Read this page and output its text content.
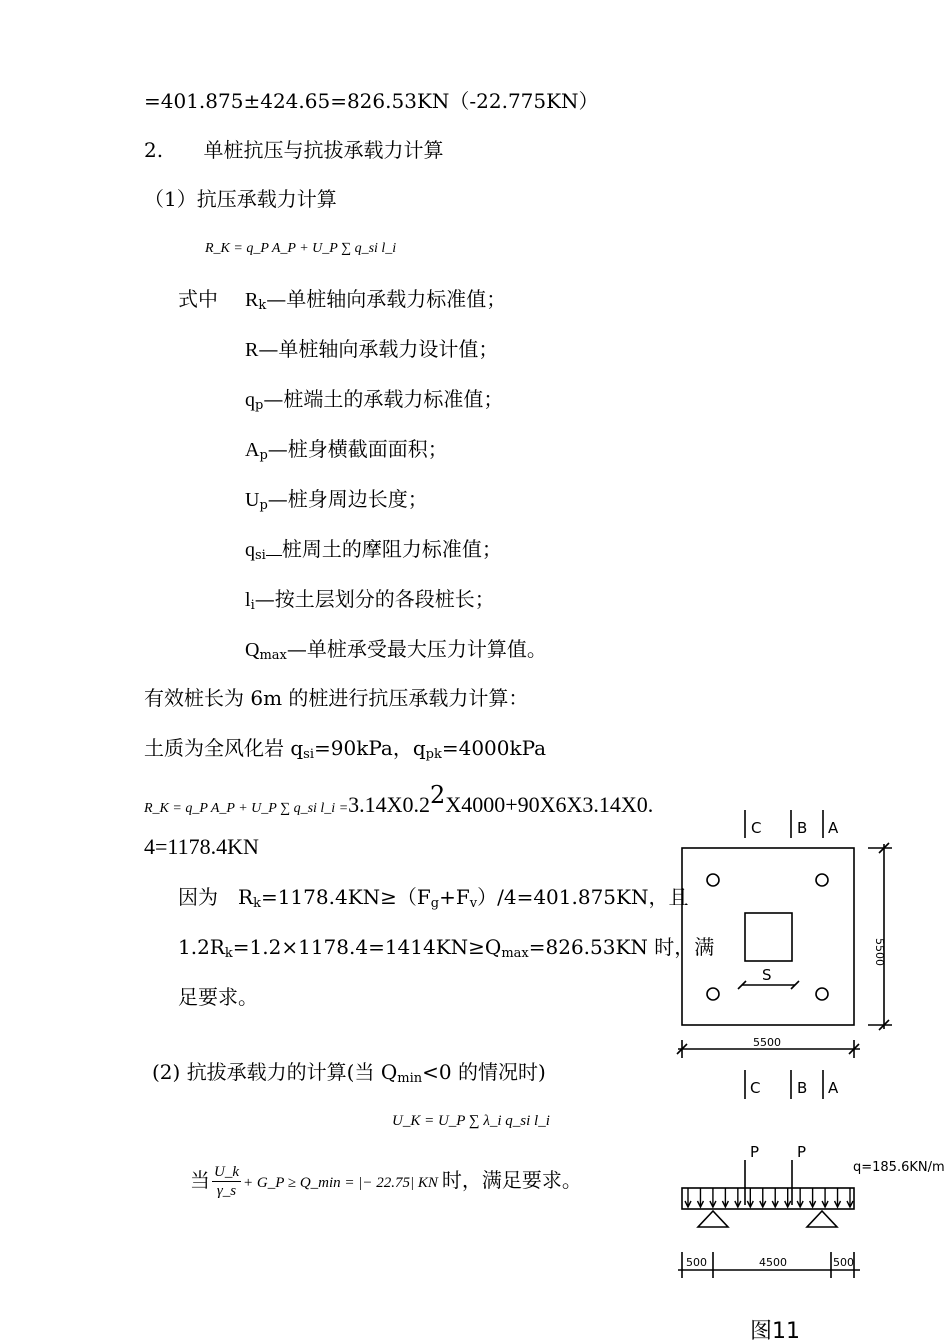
=401.875±424.65=826.53KN（-22.775KN）
2. 单桩抗压与抗拔承载力计算
（1）抗压承载力计算
R_K = q_P A_P + U_P ∑ q_si l_i
式中 $R_k—$单桩轴向承载力标准值；
R—单桩轴向承载力设计值；
$q_p—$桩端土的承载力标准值；
$A_p—$桩身横截面面积；
$U_p—$桩身周边长度；
$q_{si}$ 桩周土的摩阻力标准值；
$l_i—$按土层划分的各段桩长；
$Q_{max}—$单桩承受最大压力计算值。
有效桩长为 6m 的桩进行抗压承载力计算：
土质为全风化岩 $q_{si}=90kPa$，$q_{pk}=4000kPa$
R_K = q_P A_P + U_P ∑ q_si l_i $=3.14X0.2^2X4000+90X6X3.14X0$.
4=1178.4KN
因为　$R_k=1178.4KN\ge(F_g+F_v)/4=401.875KN$，且
$1.2R_k=1.2\times 1178.4=1414KN\ge Q_{max}=826.53KN$ 时，满
足要求。
(2) 抗拔承载力的计算(当 $Q_{min}<0$ 的情况时)
U_K = U_P ∑ λ_i q_si l_i
当 $\frac{U\_k}{\gamma\_s}$ + G_P ≥ Q_min = |− 22.75| KN 时，满足要求。
C B A
S
C B A
P	P
5500
5500
500	4500	500
q=185.6KN/m
图11
